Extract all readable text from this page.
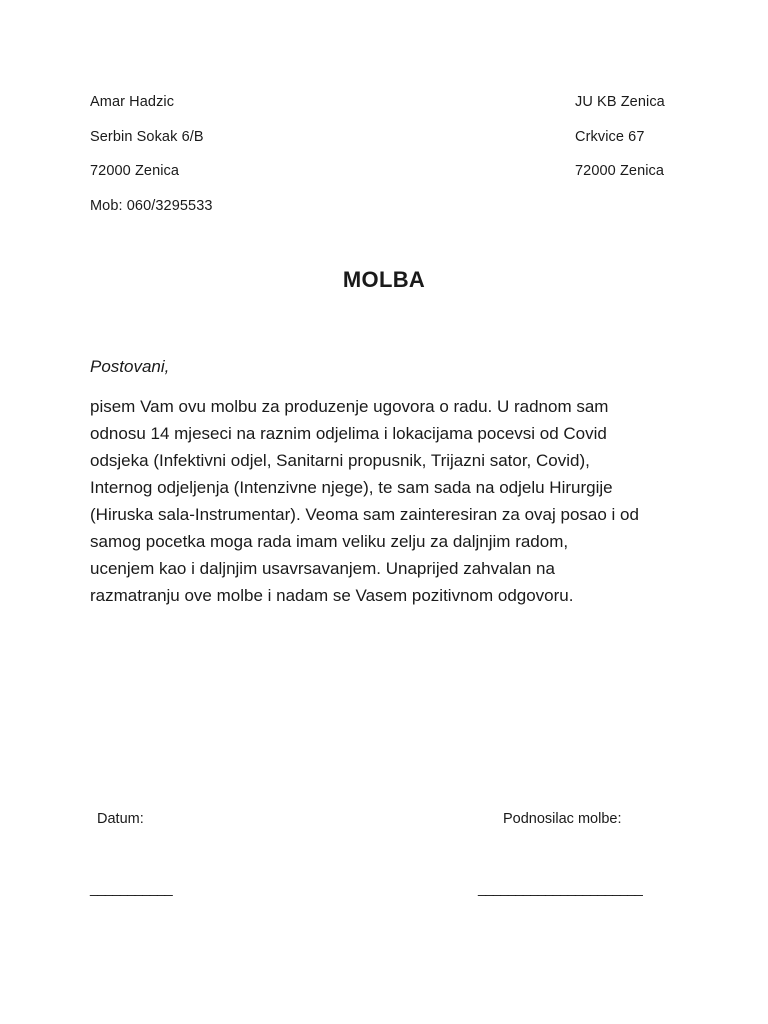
Amar Hadzic
Serbin Sokak 6/B
72000 Zenica
Mob: 060/3295533
JU KB Zenica
Crkvice 67
72000 Zenica
MOLBA
Postovani,
pisem Vam ovu molbu za produzenje ugovora o radu. U radnom sam
odnosu 14 mjeseci na raznim odjelima i lokacijama pocevsi od Covid
odsjeka (Infektivni odjel, Sanitarni propusnik, Trijazni sator, Covid),
Internog odjeljenja (Intenzivne njege), te sam sada na odjelu Hirurgije
(Hiruska sala-Instrumentar). Veoma sam zainteresiran za ovaj posao i od
samog pocetka moga rada imam veliku zelju za daljnjim radom,
ucenjem kao i daljnjim usavrsavanjem. Unaprijed zahvalan na
razmatranju ove molbe i nadam se Vasem pozitivnom odgovoru.
Datum:	Podnosilac molbe:
___________	______________________
